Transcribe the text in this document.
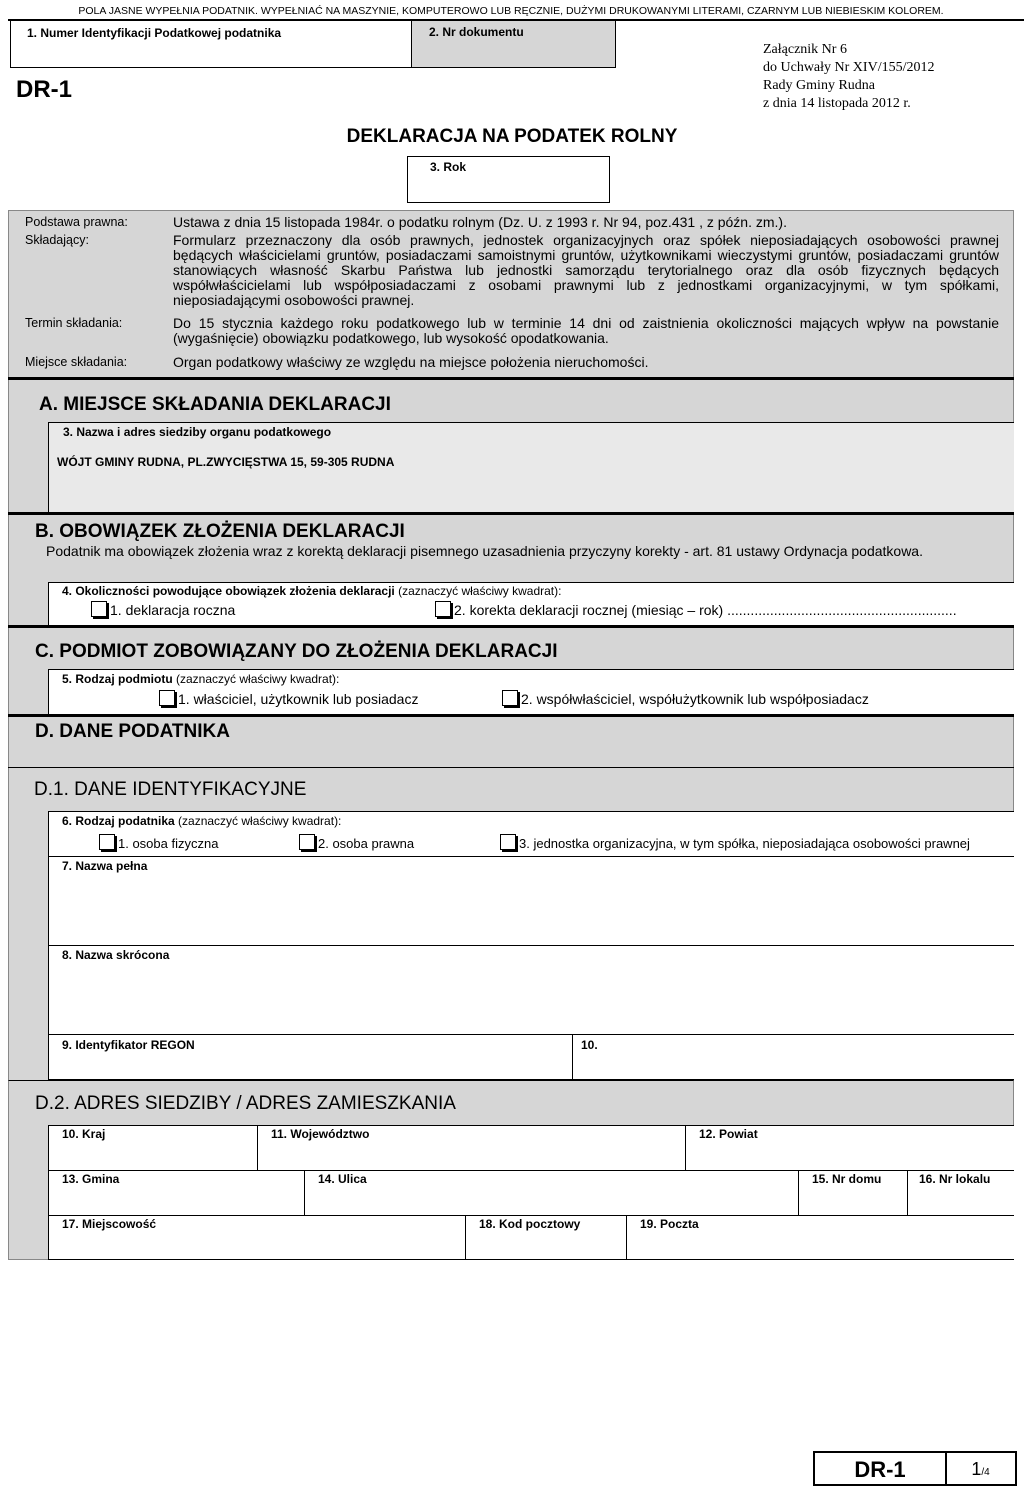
POLA JASNE WYPEŁNIA PODATNIK. WYPEŁNIAĆ NA MASZYNIE, KOMPUTEROWO LUB RĘCZNIE, DUŻYMI DRUKOWANYMI LITERAMI, CZARNYM LUB NIEBIESKIM KOLOREM.
1. Numer Identyfikacji Podatkowej podatnika	2. Nr dokumentu
DR-1
Załącznik Nr 6
do Uchwały Nr XIV/155/2012
Rady Gminy Rudna
z dnia 14 listopada 2012 r.
DEKLARACJA NA PODATEK ROLNY
3. Rok
Podstawa prawna:	Ustawa z dnia 15 listopada 1984r. o podatku rolnym (Dz. U. z 1993 r. Nr 94, poz.431 , z późn. zm.).
Składający:	Formularz przeznaczony dla osób prawnych, jednostek organizacyjnych oraz spółek nieposiadających osobowości prawnej będących właścicielami gruntów, posiadaczami samoistnymi gruntów, użytkownikami wieczystymi gruntów, posiadaczami gruntów stanowiących własność Skarbu Państwa lub jednostki samorządu terytorialnego oraz dla osób fizycznych będących współwłaścicielami lub współposiadaczami z osobami prawnymi lub z jednostkami organizacyjnymi, w tym spółkami, nieposiadającymi osobowości prawnej.
Termin składania:	Do 15 stycznia każdego roku podatkowego lub w terminie 14 dni od zaistnienia okoliczności mających wpływ na powstanie (wygaśnięcie) obowiązku podatkowego, lub wysokość opodatkowania.
Miejsce składania:	Organ podatkowy właściwy ze względu na miejsce położenia nieruchomości.
A. MIEJSCE SKŁADANIA DEKLARACJI
3. Nazwa i adres siedziby organu podatkowego
WÓJT GMINY RUDNA, PL.ZWYCIĘSTWA 15, 59-305 RUDNA
B. OBOWIĄZEK ZŁOŻENIA DEKLARACJI
Podatnik ma obowiązek złożenia wraz z korektą deklaracji pisemnego uzasadnienia przyczyny korekty - art. 81 ustawy Ordynacja podatkowa.
4. Okoliczności powodujące obowiązek złożenia deklaracji (zaznaczyć właściwy kwadrat):
1. deklaracja roczna	2. korekta deklaracji rocznej (miesiąc – rok) ...........................................................
C. PODMIOT ZOBOWIĄZANY DO ZŁOŻENIA DEKLARACJI
5. Rodzaj podmiotu (zaznaczyć właściwy kwadrat):
1. właściciel, użytkownik lub posiadacz	2. współwłaściciel, współużytkownik lub współposiadacz
D. DANE PODATNIKA
D.1. DANE IDENTYFIKACYJNE
6. Rodzaj podatnika (zaznaczyć właściwy kwadrat):
1. osoba fizyczna	2. osoba prawna	3. jednostka organizacyjna, w tym spółka, nieposiadająca osobowości prawnej
7. Nazwa pełna
8. Nazwa skrócona
9. Identyfikator REGON	10.
D.2. ADRES SIEDZIBY / ADRES ZAMIESZKANIA
10. Kraj	11. Województwo	12. Powiat
13. Gmina	14. Ulica	15. Nr domu	16. Nr lokalu
17. Miejscowość	18. Kod pocztowy	19. Poczta
DR-1	1/4
